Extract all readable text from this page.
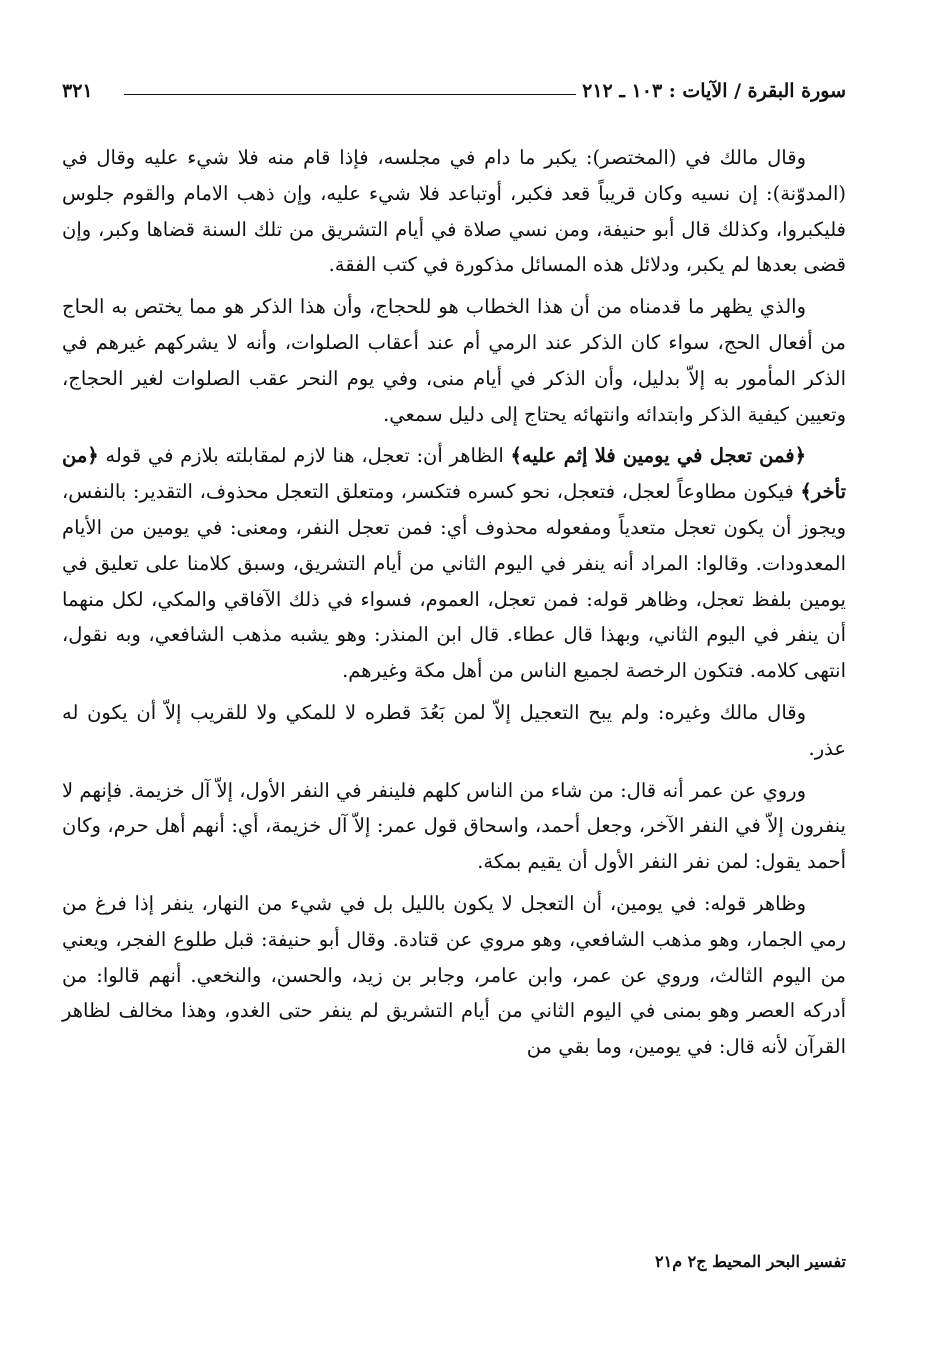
سورة البقرة / الآيات : ١٠٣ ـ ٢١٢
٣٢١

وقال مالك في (المختصر): يكبر ما دام في مجلسه، فإذا قام منه فلا شيء عليه وقال في (المدوّنة): إن نسيه وكان قريباً قعد فكبر، أوتباعد فلا شيء عليه، وإن ذهب الامام والقوم جلوس فليكبروا، وكذلك قال أبو حنيفة، ومن نسي صلاة في أيام التشريق من تلك السنة قضاها وكبر، وإن قضى بعدها لم يكبر، ودلائل هذه المسائل مذكورة في كتب الفقة.

والذي يظهر ما قدمناه من أن هذا الخطاب هو للحجاج، وأن هذا الذكر هو مما يختص به الحاج من أفعال الحج، سواء كان الذكر عند الرمي أم عند أعقاب الصلوات، وأنه لا يشركهم غيرهم في الذكر المأمور به إلاّ بدليل، وأن الذكر في أيام منى، وفي يوم النحر عقب الصلوات لغير الحجاج، وتعيين كيفية الذكر وابتدائه وانتهائه يحتاج إلى دليل سمعي.

﴿فمن تعجل في يومين فلا إثم عليه﴾ الظاهر أن: تعجل، هنا لازم لمقابلته بلازم في قوله ﴿من تأخر﴾ فيكون مطاوعاً لعجل، فتعجل، نحو كسره فتكسر، ومتعلق التعجل محذوف، التقدير: بالنفس، ويجوز أن يكون تعجل متعدياً ومفعوله محذوف أي: فمن تعجل النفر، ومعنى: في يومين من الأيام المعدودات. وقالوا: المراد أنه ينفر في اليوم الثاني من أيام التشريق، وسبق كلامنا على تعليق في يومين بلفظ تعجل، وظاهر قوله: فمن تعجل، العموم، فسواء في ذلك الآفاقي والمكي، لكل منهما أن ينفر في اليوم الثاني، وبهذا قال عطاء. قال ابن المنذر: وهو يشبه مذهب الشافعي، وبه نقول، انتهى كلامه. فتكون الرخصة لجميع الناس من أهل مكة وغيرهم.

وقال مالك وغيره: ولم يبح التعجيل إلاّ لمن بَعُدَ قطره لا للمكي ولا للقريب إلاّ أن يكون له عذر.

وروي عن عمر أنه قال: من شاء من الناس كلهم فلينفر في النفر الأول، إلاّ آل خزيمة. فإنهم لا ينفرون إلاّ في النفر الآخر، وجعل أحمد، واسحاق قول عمر: إلاّ آل خزيمة، أي: أنهم أهل حرم، وكان أحمد يقول: لمن نفر النفر الأول أن يقيم بمكة.

وظاهر قوله: في يومين، أن التعجل لا يكون بالليل بل في شيء من النهار، ينفر إذا فرغ من رمي الجمار، وهو مذهب الشافعي، وهو مروي عن قتادة. وقال أبو حنيفة: قبل طلوع الفجر، ويعني من اليوم الثالث، وروي عن عمر، وابن عامر، وجابر بن زيد، والحسن، والنخعي. أنهم قالوا: من أدركه العصر وهو بمنى في اليوم الثاني من أيام التشريق لم ينفر حتى الغدو، وهذا مخالف لظاهر القرآن لأنه قال: في يومين، وما بقي من

تفسير البحر المحيط ج٢ م٢١
